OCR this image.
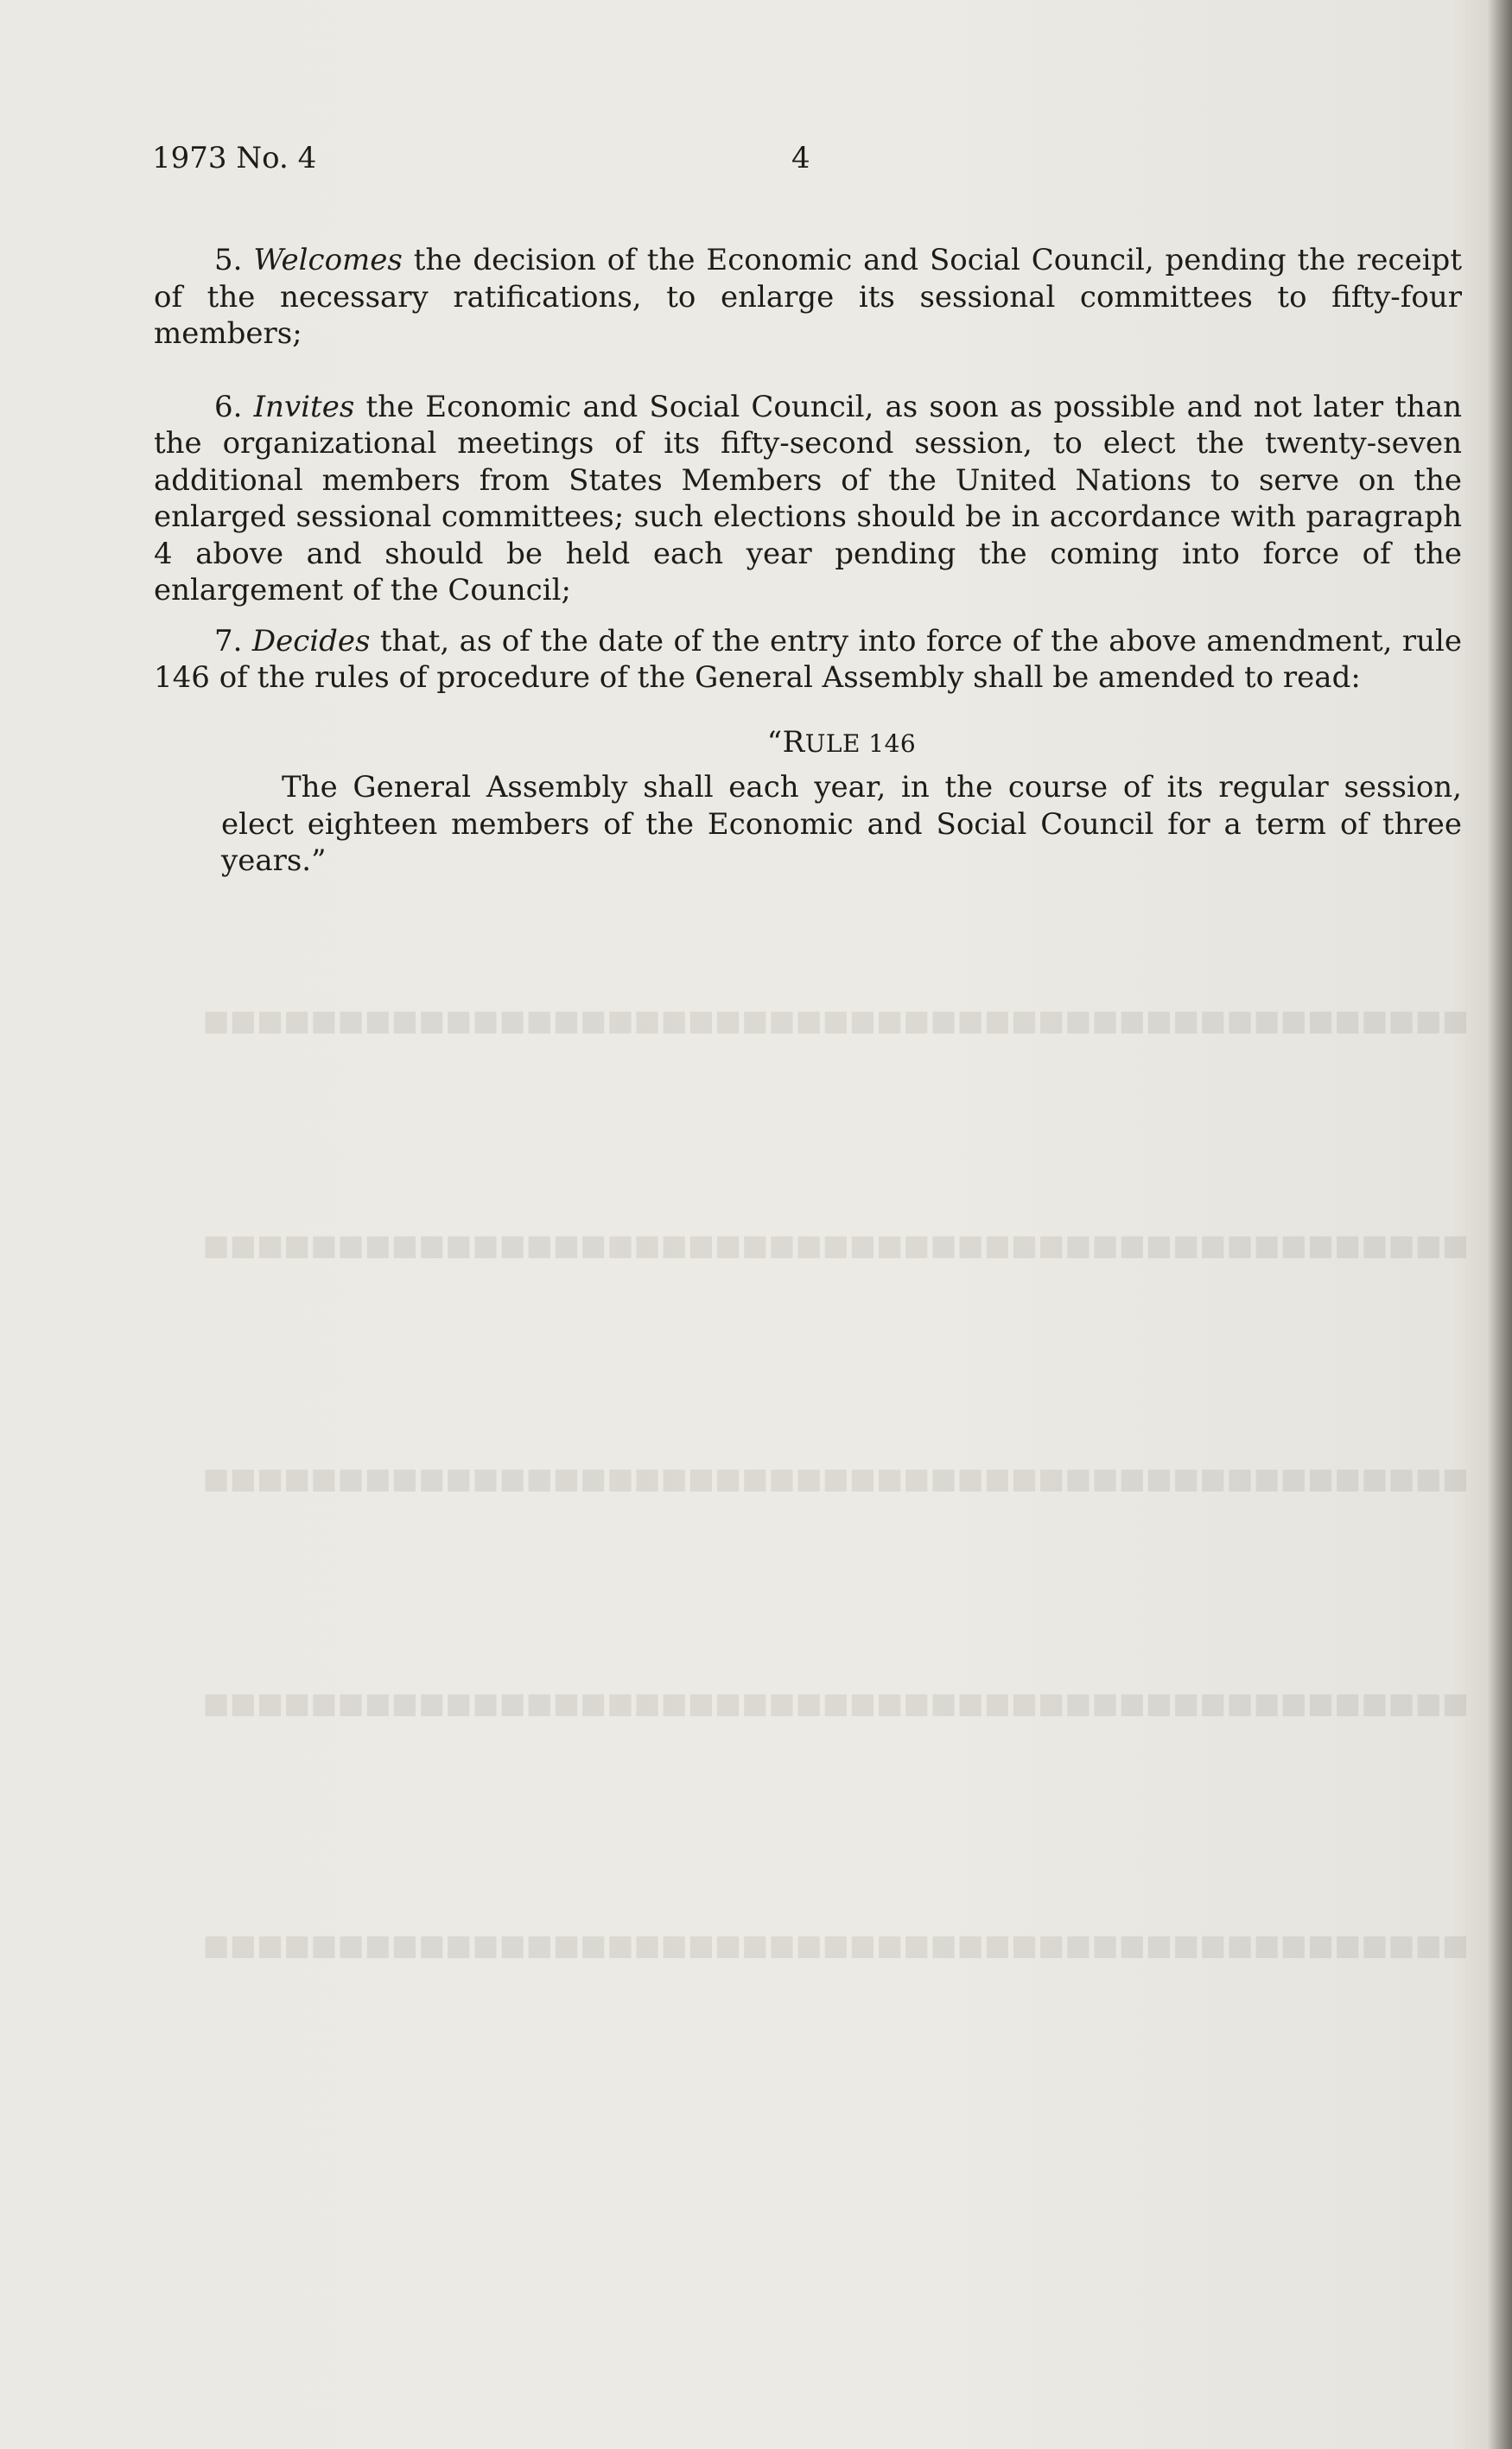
■■■■■■■■■■■■■■■■■■■■■■■■■■■■■■■■■■■■■■■■■■■■■■■
■■■■■■■■■■■■■■■■■■■■■■■■■■■■■■■■■■■■■■■■■■■■■■■
■■■■■■■■■■■■■■■■■■■■■■■■■■■■■■■■■■■■■■■■■■■■■■■
■■■■■■■■■■■■■■■■■■■■■■■■■■■■■■■■■■■■■■■■■■■■■■■
■■■■■■■■■■■■■■■■■■■■■■■■■■■■■■■■■■■■■■■■■■■■■■■
1973 No. 4	4

5. Welcomes the decision of the Economic and Social Council, pending the receipt of the necessary ratifications, to enlarge its sessional committees to fifty-four members;

6. Invites the Economic and Social Council, as soon as possible and not later than the organizational meetings of its fifty-second session, to elect the twenty-seven additional members from States Members of the United Nations to serve on the enlarged sessional committees; such elections should be in accordance with paragraph 4 above and should be held each year pending the coming into force of the enlargement of the Council;

7. Decides that, as of the date of the entry into force of the above amendment, rule 146 of the rules of procedure of the General Assembly shall be amended to read:

“RULE 146

The General Assembly shall each year, in the course of its regular session, elect eighteen members of the Economic and Social Council for a term of three years.”
